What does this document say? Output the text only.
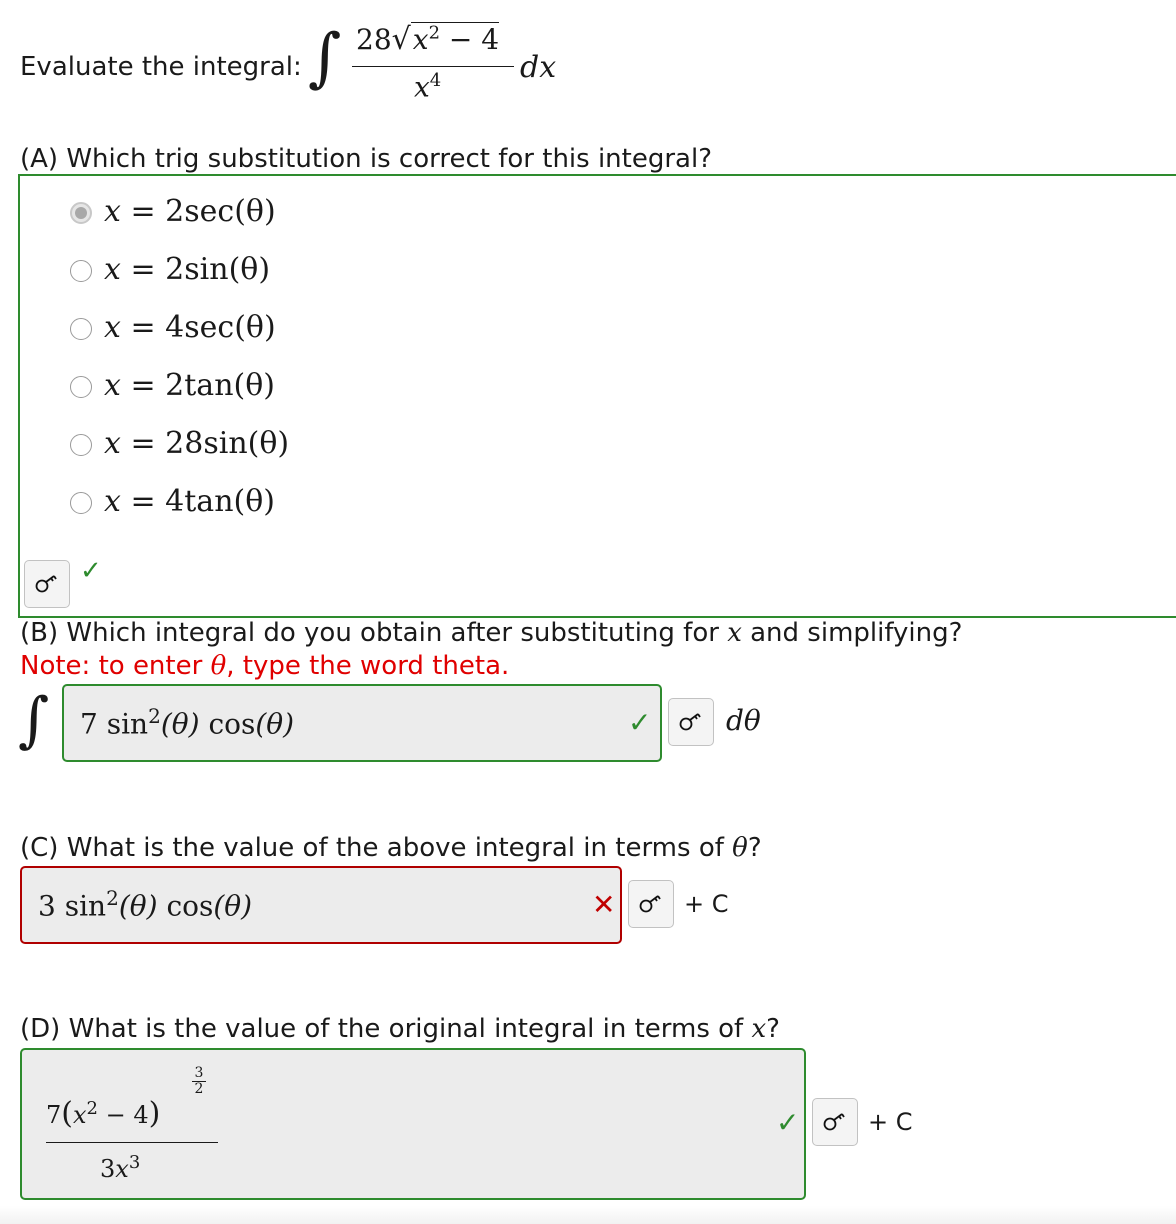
Evaluate the integral: ∫ $28√x^2 - 4$
$x^4$	dx
(A) Which trig substitution is correct for this integral?
x = 2sec(θ)
x = 2sin(θ)
x = 4sec(θ)
x = 2tan(θ)
x = 28sin(θ)
x = 4tan(θ)
✓
(B) Which integral do you obtain after substituting for x and simplifying?
Note: to enter θ, type the word theta.
∫ 7 $\sin^2(\theta)$ cos(θ)	✓	dθ
(C) What is the value of the above integral in terms of θ?
3 $\sin^2(\theta)$ cos(θ)	✕	+ C
(D) What is the value of the original integral in terms of x?
3
2
$7(x^2 - 4)$
$3x^3$
✓	+ C
